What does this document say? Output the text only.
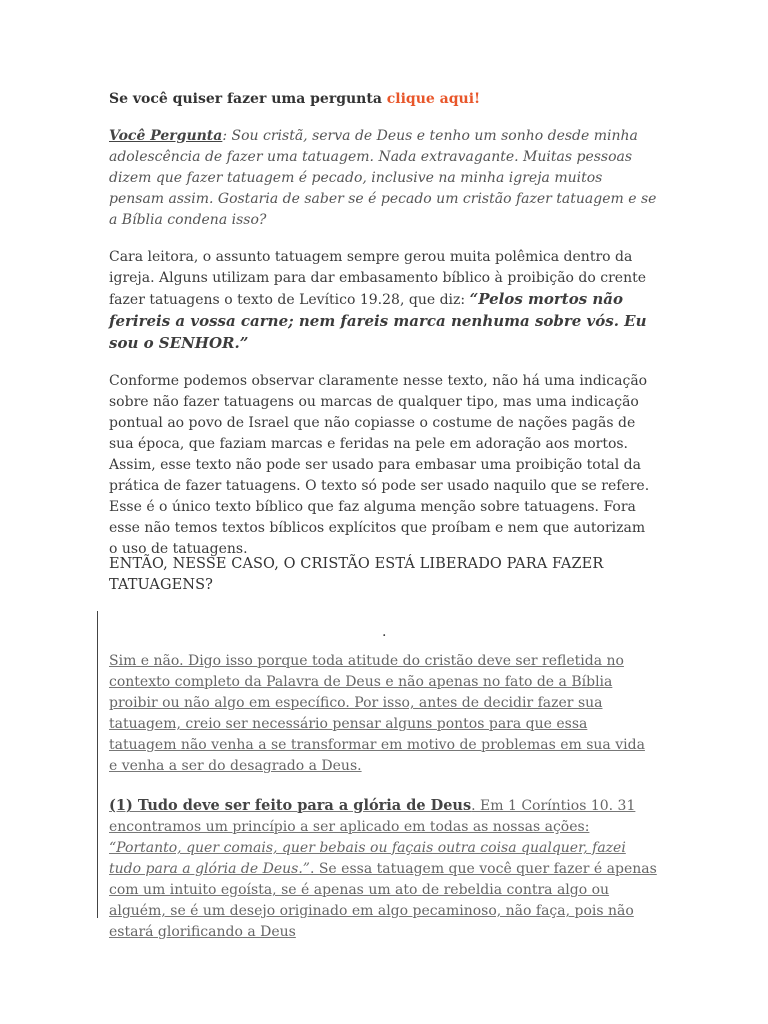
Se você quiser fazer uma pergunta clique aqui!

Você Pergunta: Sou cristã, serva de Deus e tenho um sonho desde minha adolescência de fazer uma tatuagem. Nada extravagante. Muitas pessoas dizem que fazer tatuagem é pecado, inclusive na minha igreja muitos pensam assim. Gostaria de saber se é pecado um cristão fazer tatuagem e se a Bíblia condena isso?

Cara leitora, o assunto tatuagem sempre gerou muita polêmica dentro da igreja. Alguns utilizam para dar embasamento bíblico à proibição do crente fazer tatuagens o texto de Levítico 19.28, que diz: “Pelos mortos não ferireis a vossa carne; nem fareis marca nenhuma sobre vós. Eu sou o SENHOR.”

Conforme podemos observar claramente nesse texto, não há uma indicação sobre não fazer tatuagens ou marcas de qualquer tipo, mas uma indicação pontual ao povo de Israel que não copiasse o costume de nações pagãs de sua época, que faziam marcas e feridas na pele em adoração aos mortos. Assim, esse texto não pode ser usado para embasar uma proibição total da prática de fazer tatuagens. O texto só pode ser usado naquilo que se refere. Esse é o único texto bíblico que faz alguma menção sobre tatuagens. Fora esse não temos textos bíblicos explícitos que proíbam e nem que autorizam o uso de tatuagens.

ENTÃO, NESSE CASO, O CRISTÃO ESTÁ LIBERADO PARA FAZER TATUAGENS?

.

Sim e não. Digo isso porque toda atitude do cristão deve ser refletida no contexto completo da Palavra de Deus e não apenas no fato de a Bíblia proibir ou não algo em específico. Por isso, antes de decidir fazer sua tatuagem, creio ser necessário pensar alguns pontos para que essa tatuagem não venha a se transformar em motivo de problemas em sua vida e venha a ser do desagrado a Deus.

(1) Tudo deve ser feito para a glória de Deus. Em 1 Coríntios 10. 31 encontramos um princípio a ser aplicado em todas as nossas ações: “Portanto, quer comais, quer bebais ou façais outra coisa qualquer, fazei tudo para a glória de Deus.”. Se essa tatuagem que você quer fazer é apenas com um intuito egoísta, se é apenas um ato de rebeldia contra algo ou alguém, se é um desejo originado em algo pecaminoso, não faça, pois não estará glorificando a Deus
